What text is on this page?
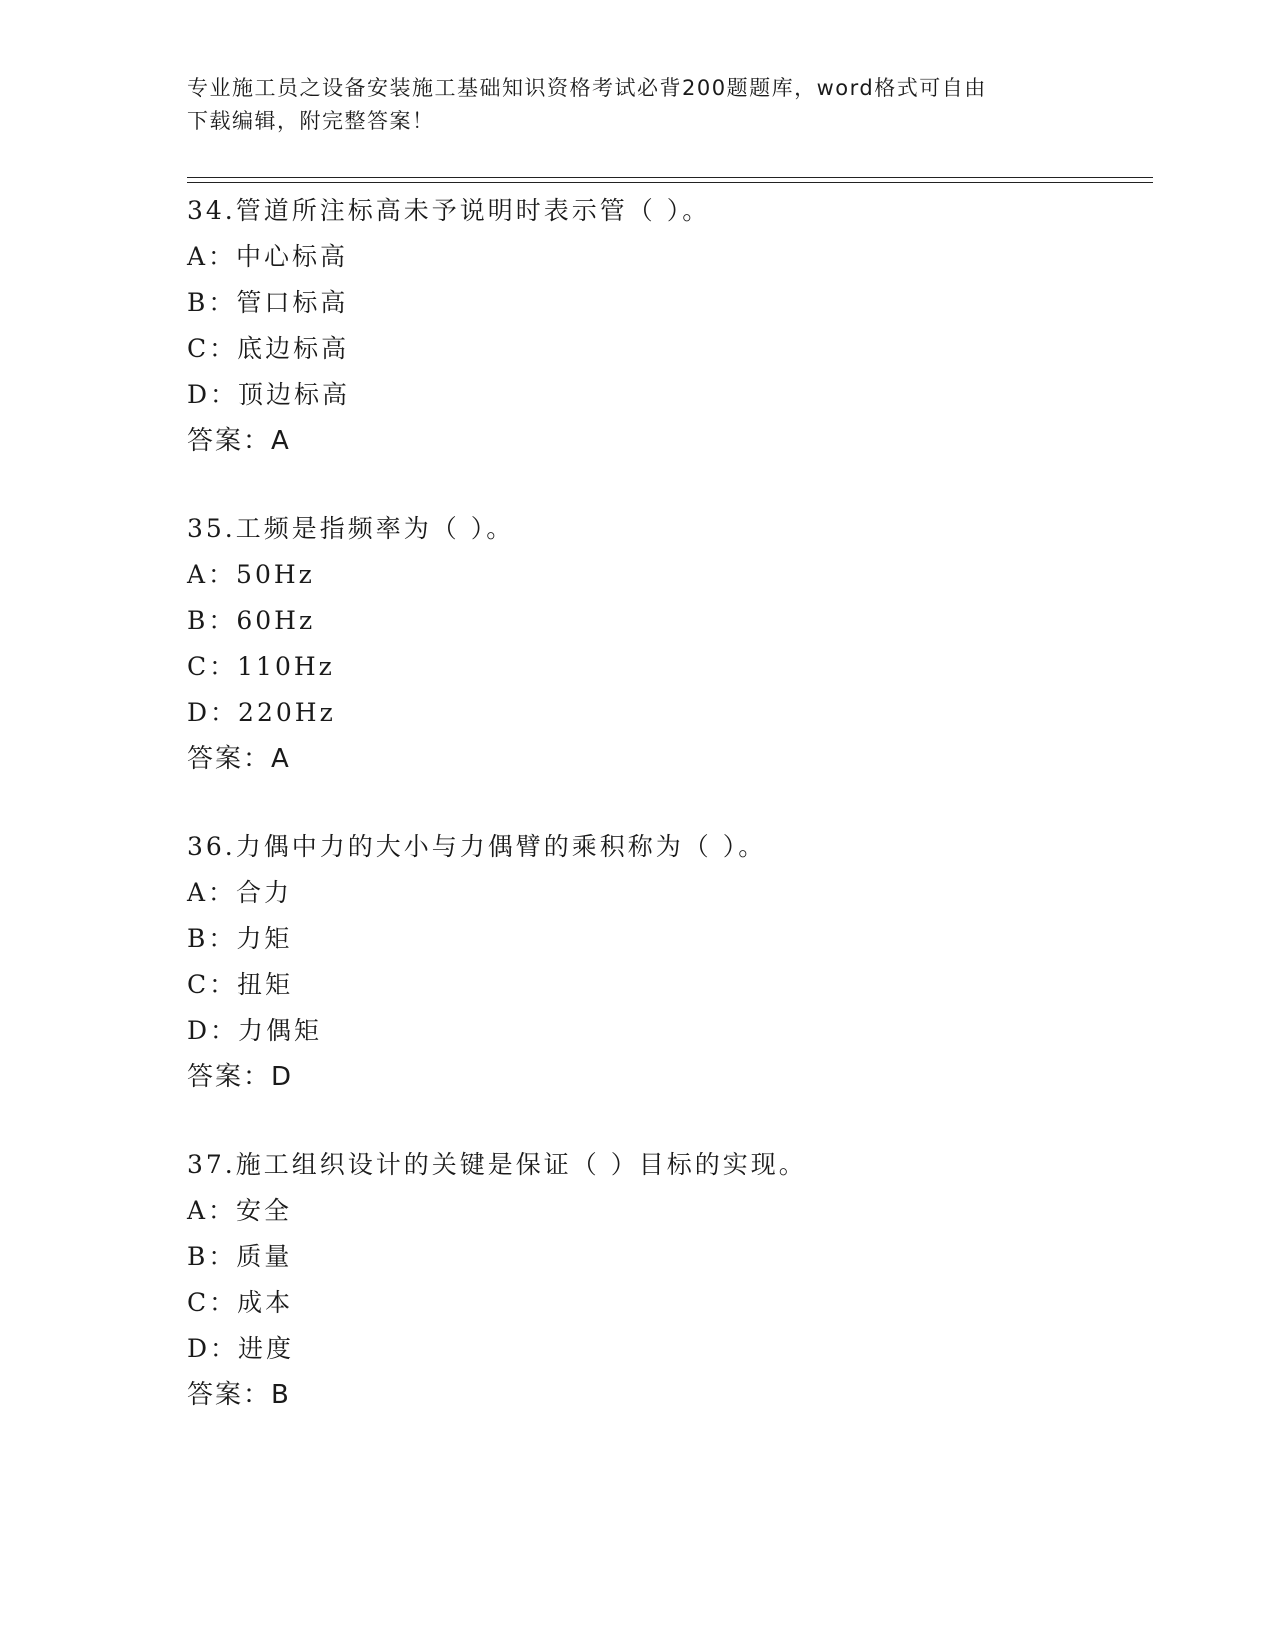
专业施工员之设备安装施工基础知识资格考试必背200题题库，word格式可自由
下载编辑，附完整答案！
34.管道所注标高未予说明时表示管（ ）。
A：中心标高
B：管口标高
C：底边标高
D：顶边标高
答案：A
35.工频是指频率为（ ）。
A：50Hz
B：60Hz
C：110Hz
D：220Hz
答案：A
36.力偶中力的大小与力偶臂的乘积称为（ ）。
A：合力
B：力矩
C：扭矩
D：力偶矩
答案：D
37.施工组织设计的关键是保证（ ）目标的实现。
A：安全
B：质量
C：成本
D：进度
答案：B
